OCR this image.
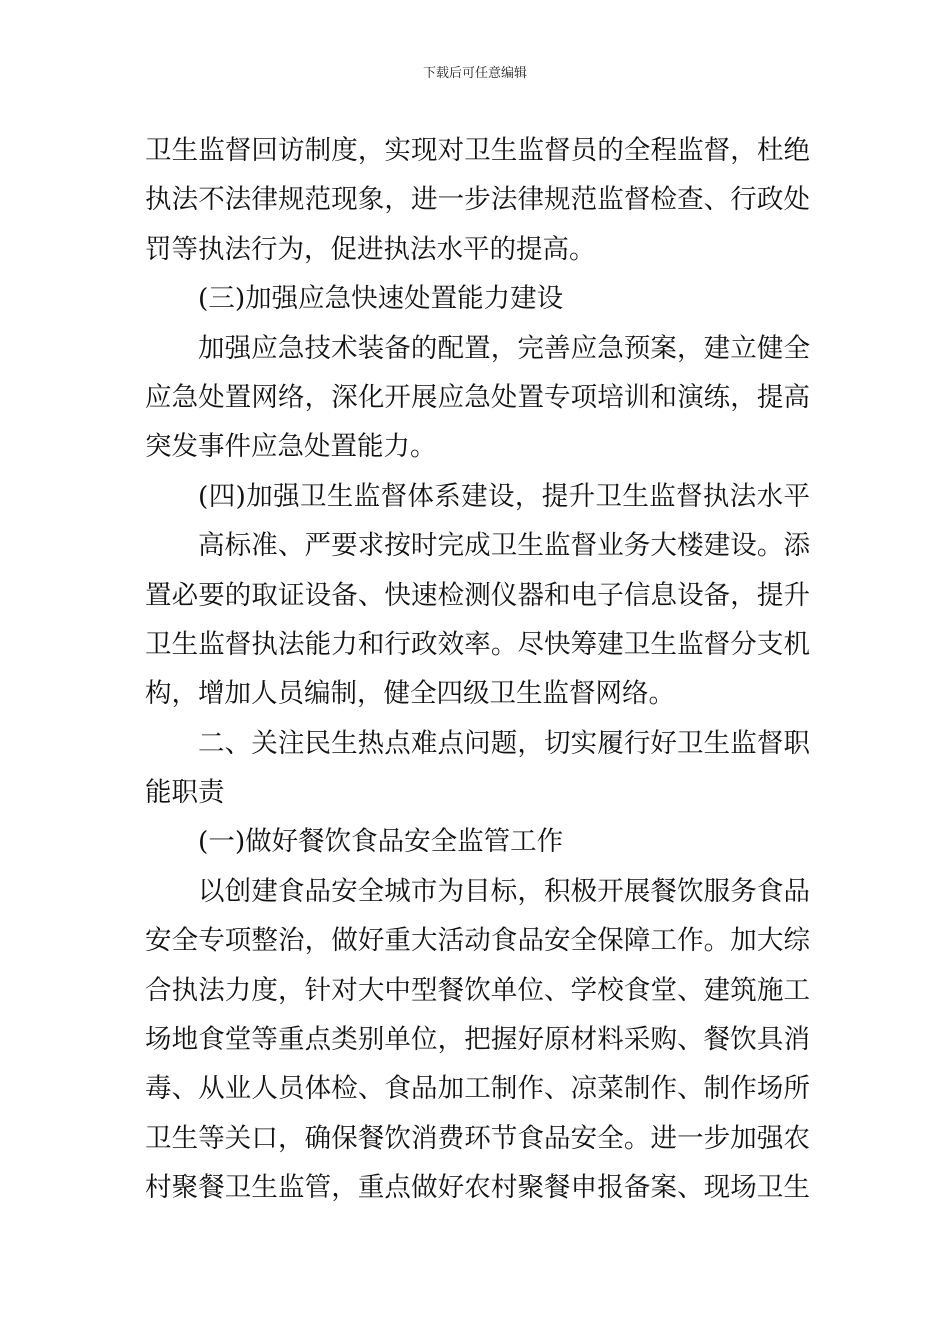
下载后可任意编辑
卫生监督回访制度，实现对卫生监督员的全程监督，杜绝
执法不法律规范现象，进一步法律规范监督检查、行政处
罚等执法行为，促进执法水平的提高。
(三)加强应急快速处置能力建设
加强应急技术装备的配置，完善应急预案，建立健全
应急处置网络，深化开展应急处置专项培训和演练，提高
突发事件应急处置能力。
(四)加强卫生监督体系建设，提升卫生监督执法水平
高标准、严要求按时完成卫生监督业务大楼建设。添
置必要的取证设备、快速检测仪器和电子信息设备，提升
卫生监督执法能力和行政效率。尽快筹建卫生监督分支机
构，增加人员编制，健全四级卫生监督网络。
二、关注民生热点难点问题，切实履行好卫生监督职
能职责
(一)做好餐饮食品安全监管工作
以创建食品安全城市为目标，积极开展餐饮服务食品
安全专项整治，做好重大活动食品安全保障工作。加大综
合执法力度，针对大中型餐饮单位、学校食堂、建筑施工
场地食堂等重点类别单位，把握好原材料采购、餐饮具消
毒、从业人员体检、食品加工制作、凉菜制作、制作场所
卫生等关口，确保餐饮消费环节食品安全。进一步加强农
村聚餐卫生监管，重点做好农村聚餐申报备案、现场卫生
